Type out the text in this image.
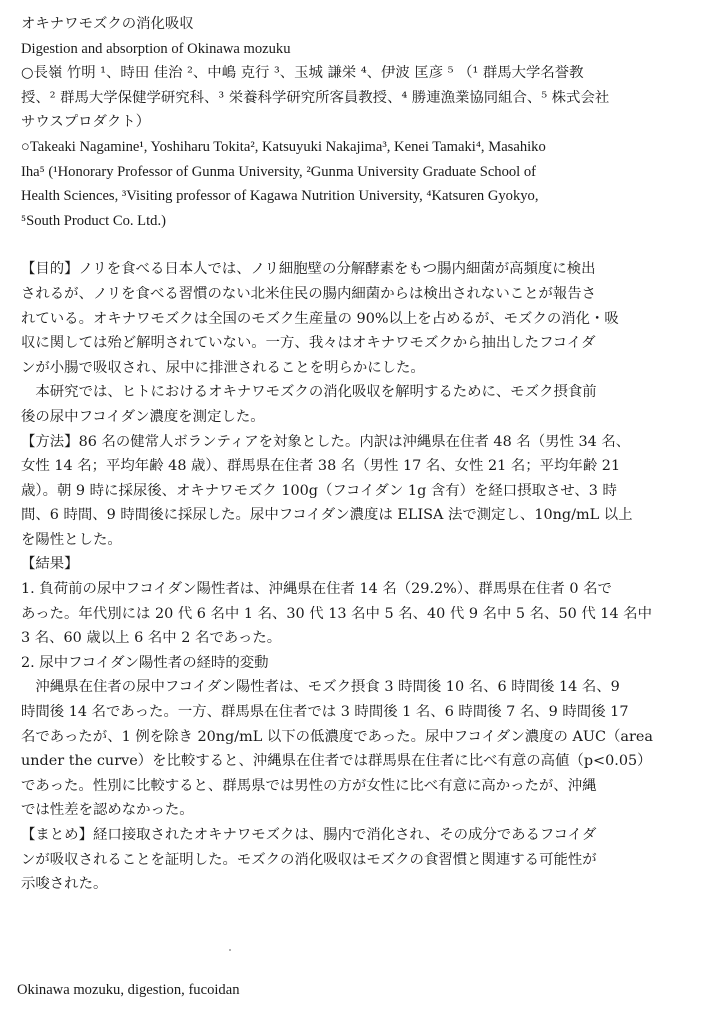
オキナワモズクの消化吸収

Digestion and absorption of Okinawa mozuku

○長嶺 竹明 ¹、時田 佳治 ²、中嶋 克行 ³、玉城 謙栄 ⁴、伊波 匡彦 ⁵ （¹ 群馬大学名誉教

授、² 群馬大学保健学研究科、³ 栄養科学研究所客員教授、⁴ 勝連漁業協同組合、⁵ 株式会社

サウスプロダクト）

○Takeaki Nagamine¹, Yoshiharu Tokita², Katsuyuki Nakajima³, Kenei Tamaki⁴, Masahiko

Iha⁵ (¹Honorary Professor of Gunma University, ²Gunma University Graduate School of

Health Sciences, ³Visiting professor of Kagawa Nutrition University, ⁴Katsuren Gyokyo,

⁵South Product Co. Ltd.)

【目的】ノリを食べる日本人では、ノリ細胞壁の分解酵素をもつ腸内細菌が高頻度に検出

されるが、ノリを食べる習慣のない北米住民の腸内細菌からは検出されないことが報告さ

れている。オキナワモズクは全国のモズク生産量の 90%以上を占めるが、モズクの消化・吸

収に関しては殆ど解明されていない。一方、我々はオキナワモズクから抽出したフコイダ

ンが小腸で吸収され、尿中に排泄されることを明らかにした。

　本研究では、ヒトにおけるオキナワモズクの消化吸収を解明するために、モズク摂食前

後の尿中フコイダン濃度を測定した。

【方法】86 名の健常人ボランティアを対象とした。内訳は沖縄県在住者 48 名（男性 34 名、

女性 14 名；平均年齢 48 歳）、群馬県在住者 38 名（男性 17 名、女性 21 名；平均年齢 21

歳）。朝 9 時に採尿後、オキナワモズク 100g（フコイダン 1g 含有）を経口摂取させ、3 時

間、6 時間、9 時間後に採尿した。尿中フコイダン濃度は ELISA 法で測定し、10ng/mL 以上

を陽性とした。

【結果】

1. 負荷前の尿中フコイダン陽性者は、沖縄県在住者 14 名（29.2%）、群馬県在住者 0 名で

あった。年代別には 20 代 6 名中 1 名、30 代 13 名中 5 名、40 代 9 名中 5 名、50 代 14 名中

3 名、60 歳以上 6 名中 2 名であった。

2. 尿中フコイダン陽性者の経時的変動

　沖縄県在住者の尿中フコイダン陽性者は、モズク摂食 3 時間後 10 名、6 時間後 14 名、9

時間後 14 名であった。一方、群馬県在住者では 3 時間後 1 名、6 時間後 7 名、9 時間後 17

名であったが、1 例を除き 20ng/mL 以下の低濃度であった。尿中フコイダン濃度の AUC（area

under the curve）を比較すると、沖縄県在住者では群馬県在住者に比べ有意の高値（p<0.05）

であった。性別に比較すると、群馬県では男性の方が女性に比べ有意に高かったが、沖縄

では性差を認めなかった。

【まとめ】経口接取されたオキナワモズクは、腸内で消化され、その成分であるフコイダ

ンが吸収されることを証明した。モズクの消化吸収はモズクの食習慣と関連する可能性が

示唆された。

Okinawa mozuku, digestion, fucoidan
